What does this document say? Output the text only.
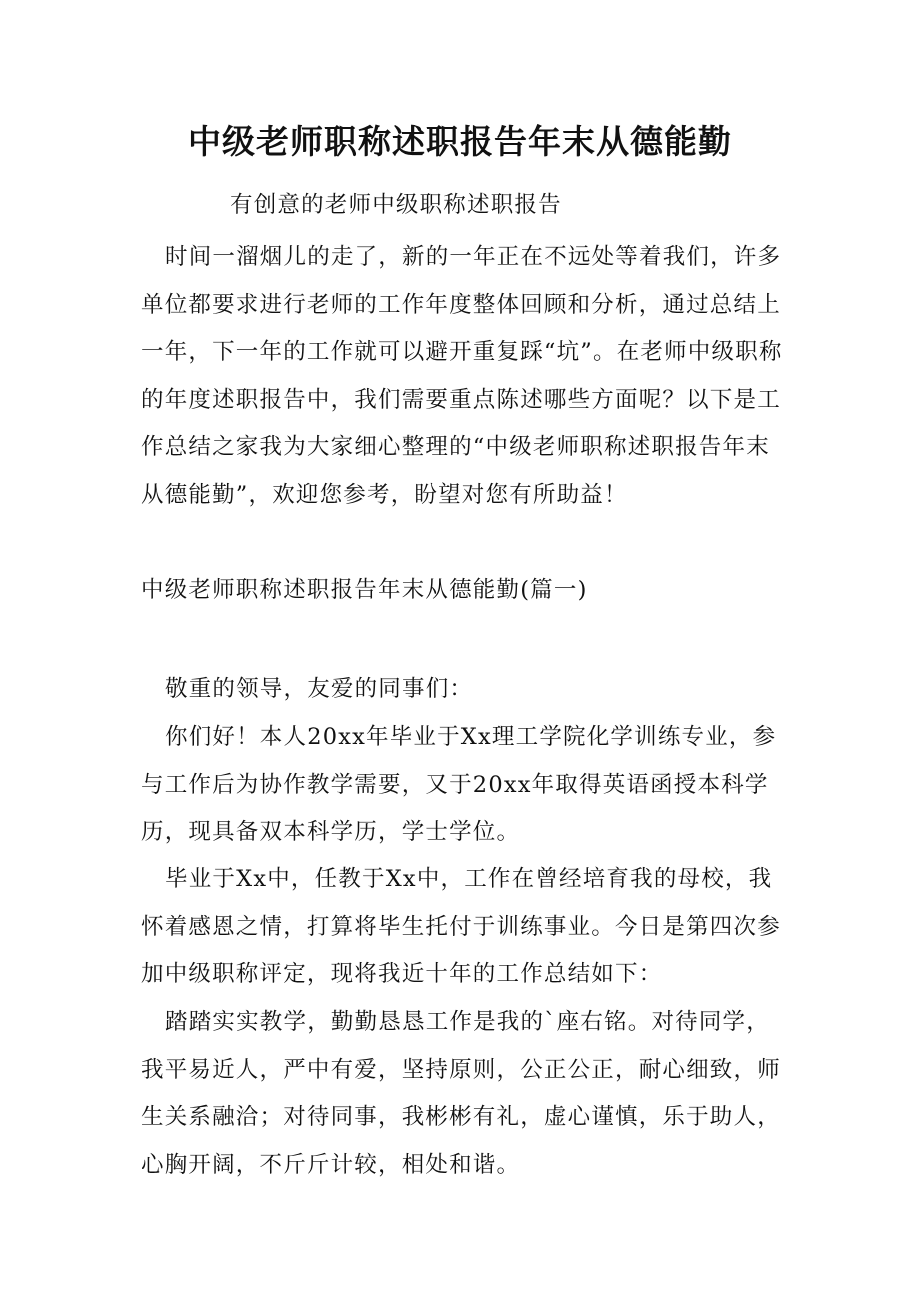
中级老师职称述职报告年末从德能勤

有创意的老师中级职称述职报告

时间一溜烟儿的走了，新的一年正在不远处等着我们，许多单位都要求进行老师的工作年度整体回顾和分析，通过总结上一年，下一年的工作就可以避开重复踩“坑”。在老师中级职称的年度述职报告中，我们需要重点陈述哪些方面呢？以下是工作总结之家我为大家细心整理的“中级老师职称述职报告年末从德能勤”，欢迎您参考，盼望对您有所助益！

中级老师职称述职报告年末从德能勤(篇一)

敬重的领导，友爱的同事们：

你们好！本人20xx年毕业于Xx理工学院化学训练专业，参与工作后为协作教学需要，又于20xx年取得英语函授本科学历，现具备双本科学历，学士学位。

毕业于Xx中，任教于Xx中，工作在曾经培育我的母校，我怀着感恩之情，打算将毕生托付于训练事业。今日是第四次参加中级职称评定，现将我近十年的工作总结如下：

踏踏实实教学，勤勤恳恳工作是我的`座右铭。对待同学，我平易近人，严中有爱，坚持原则，公正公正，耐心细致，师生关系融洽；对待同事，我彬彬有礼，虚心谨慎，乐于助人，心胸开阔，不斤斤计较，相处和谐。
